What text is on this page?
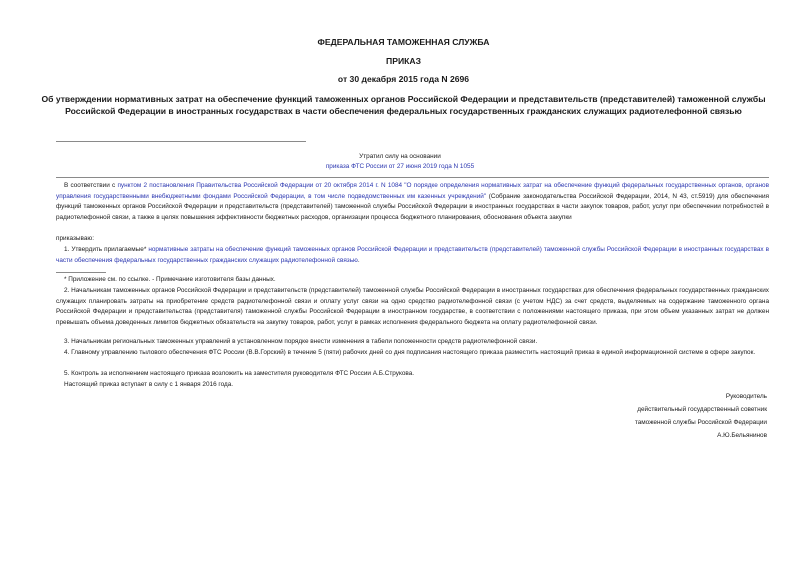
ФЕДЕРАЛЬНАЯ ТАМОЖЕННАЯ СЛУЖБА
ПРИКАЗ
от 30 декабря 2015 года N 2696
Об утверждении нормативных затрат на обеспечение функций таможенных органов Российской Федерации и представительств (представителей) таможенной службы Российской Федерации в иностранных государствах в части обеспечения федеральных государственных гражданских служащих радиотелефонной связью
Утратил силу на основании
приказа ФТС России от 27 июня 2019 года N 1055
В соответствии с пунктом 2 постановления Правительства Российской Федерации от 20 октября 2014 г. N 1084 "О порядке определения нормативных затрат на обеспечение функций федеральных государственных органов, органов управления государственными внебюджетными фондами Российской Федерации, в том числе подведомственных им казенных учреждений" (Собрание законодательства Российской Федерации, 2014, N 43, ст.5919) для обеспечения функций таможенных органов Российской Федерации и представительств (представителей) таможенной службы Российской Федерации в иностранных государствах в части закупок товаров, работ, услуг при обеспечении потребностей в радиотелефонной связи, а также в целях повышения эффективности бюджетных расходов, организации процесса бюджетного планирования, обоснования объекта закупки
приказываю:
1. Утвердить прилагаемые* нормативные затраты на обеспечение функций таможенных органов Российской Федерации и представительств (представителей) таможенной службы Российской Федерации в иностранных государствах в части обеспечения федеральных государственных гражданских служащих радиотелефонной связью.
* Приложение см. по ссылке. - Примечание изготовителя базы данных.
2. Начальникам таможенных органов Российской Федерации и представительств (представителей) таможенной службы Российской Федерации в иностранных государствах для обеспечения федеральных государственных гражданских служащих планировать затраты на приобретение средств радиотелефонной связи и оплату услуг связи на одно средство радиотелефонной связи (с учетом НДС) за счет средств, выделяемых на содержание таможенного органа Российской Федерации и представительства (представителя) таможенной службы Российской Федерации в иностранном государстве, в соответствии с положениями настоящего приказа, при этом объем указанных затрат не должен превышать объема доведенных лимитов бюджетных обязательств на закупку товаров, работ, услуг в рамках исполнения федерального бюджета на оплату радиотелефонной связи.
3. Начальникам региональных таможенных управлений в установленном порядке внести изменения в табели положенности средств радиотелефонной связи.
4. Главному управлению тылового обеспечения ФТС России (В.В.Горский) в течение 5 (пяти) рабочих дней со дня подписания настоящего приказа разместить настоящий приказ в единой информационной системе в сфере закупок.
5. Контроль за исполнением настоящего приказа возложить на заместителя руководителя ФТС России А.Б.Струкова.
Настоящий приказ вступает в силу с 1 января 2016 года.
Руководитель
действительный государственный советник
таможенной службы Российской Федерации
А.Ю.Бельянинов
